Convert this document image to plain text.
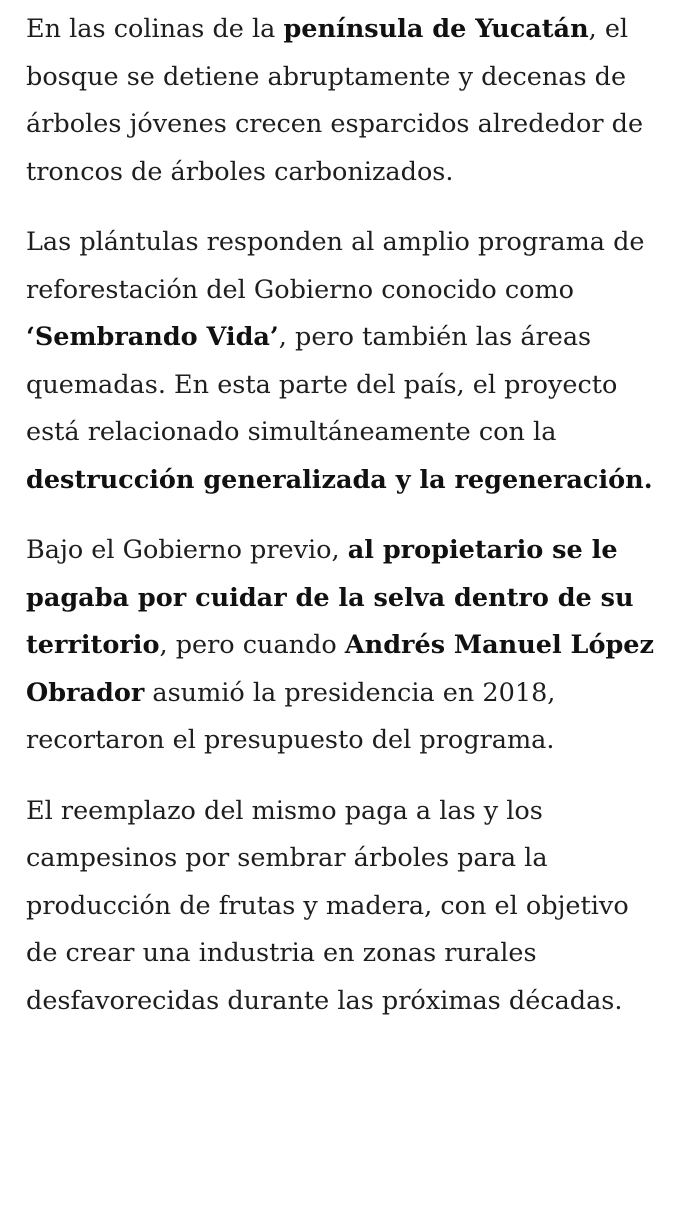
En las colinas de la península de Yucatán, el bosque se detiene abruptamente y decenas de árboles jóvenes crecen esparcidos alrededor de troncos de árboles carbonizados.

Las plántulas responden al amplio programa de reforestación del Gobierno conocido como ‘Sembrando Vida’, pero también las áreas quemadas. En esta parte del país, el proyecto está relacionado simultáneamente con la destrucción generalizada y la regeneración.

Bajo el Gobierno previo, al propietario se le pagaba por cuidar de la selva dentro de su territorio, pero cuando Andrés Manuel López Obrador asumió la presidencia en 2018, recortaron el presupuesto del programa.

El reemplazo del mismo paga a las y los campesinos por sembrar árboles para la producción de frutas y madera, con el objetivo de crear una industria en zonas rurales desfavorecidas durante las próximas décadas.
